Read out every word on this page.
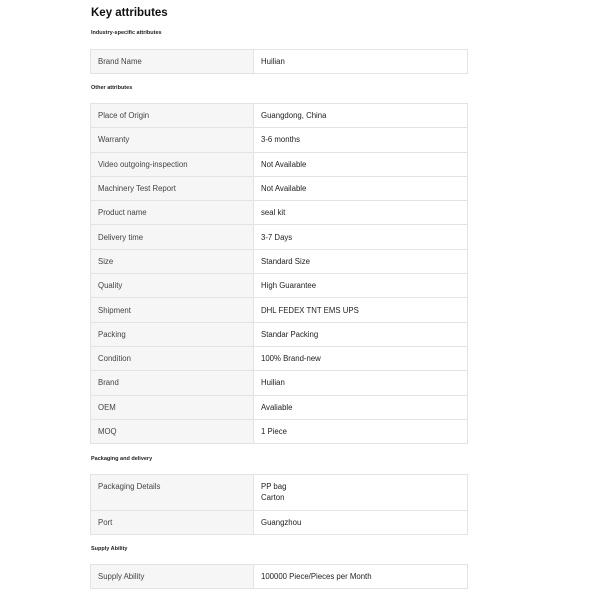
Key attributes
Industry-specific attributes
Brand Name	Huilian
Other attributes
Place of Origin	Guangdong, China
Warranty	3-6 months
Video outgoing-inspection	Not Available
Machinery Test Report	Not Available
Product name	seal kit
Delivery time	3-7 Days
Size	Standard Size
Quality	High Guarantee
Shipment	DHL FEDEX TNT EMS UPS
Packing	Standar Packing
Condition	100% Brand-new
Brand	Huilian
OEM	Avaliable
MOQ	1 Piece
Packaging and delivery
Packaging Details	PP bag
Carton

Port	Guangzhou
Supply Ability
Supply Ability	100000 Piece/Pieces per Month
